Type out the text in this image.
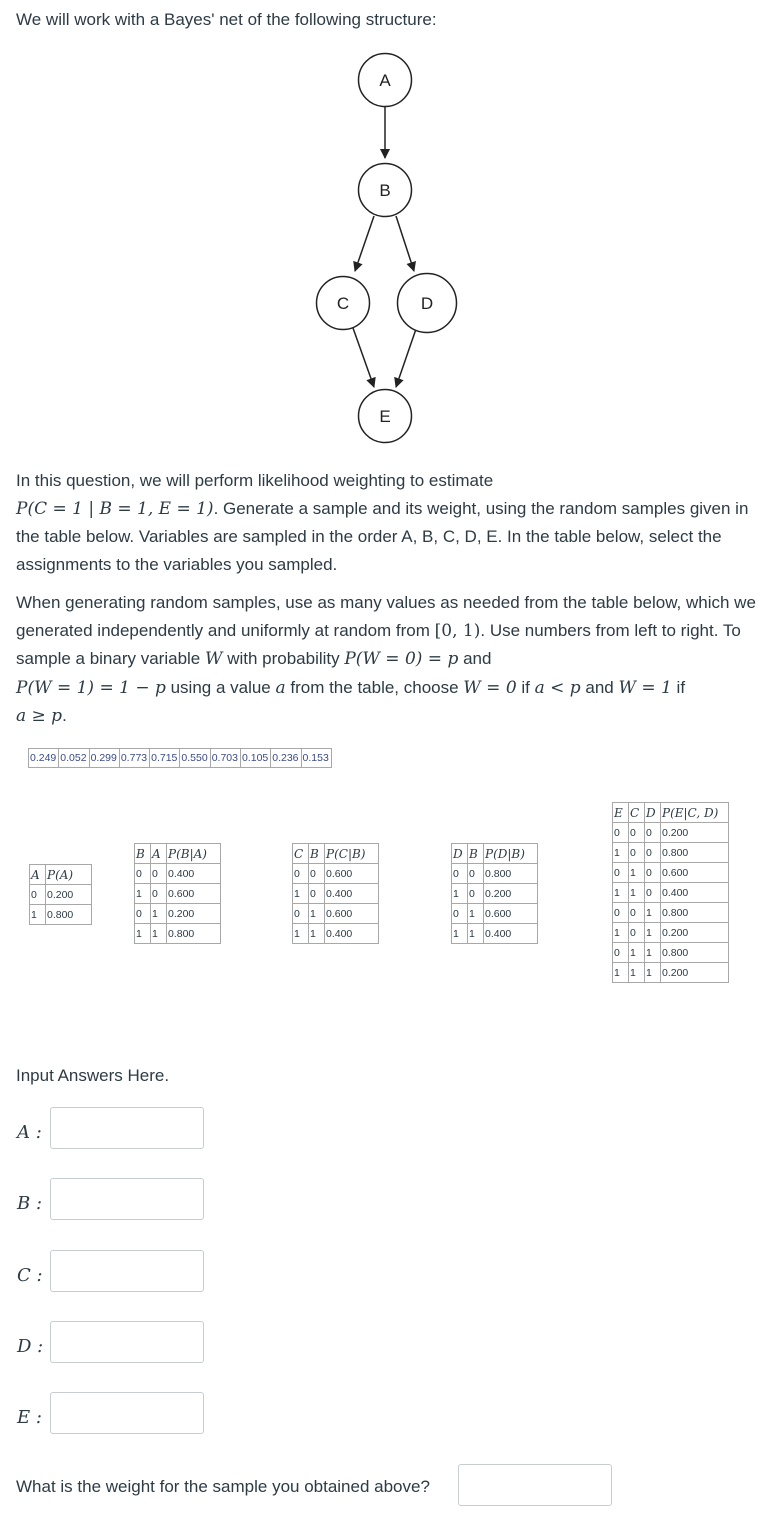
We will work with a Bayes' net of the following structure:
A
B
C	D
E
In this question, we will perform likelihood weighting to estimate
P(C = 1 | B = 1, E = 1). Generate a sample and its weight, using the random samples given in the table below. Variables are sampled in the order A, B, C, D, E. In the table below, select the assignments to the variables you sampled.
When generating random samples, use as many values as needed from the table below, which we generated independently and uniformly at random from [0, 1). Use numbers from left to right. To sample a binary variable W with probability P(W = 0) = p and
P(W = 1) = 1 − p using a value a from the table, choose W = 0 if a < p and W = 1 if
a ≥ p.
0.249	0.052	0.299	0.773	0.715	0.550	0.703	0.105	0.236	0.153
A	P(A)
0	0.200
1	0.800
B	A	P(B|A)
0	0	0.400
1	0	0.600
0	1	0.200
1	1	0.800
C	B	P(C|B)
0	0	0.600
1	0	0.400
0	1	0.600
1	1	0.400
D	B	P(D|B)
0	0	0.800
1	0	0.200
0	1	0.600
1	1	0.400
E	C	D	P(E|C, D)
0	0	0	0.200
1	0	0	0.800
0	1	0	0.600
1	1	0	0.400
0	0	1	0.800
1	0	1	0.200
0	1	1	0.800
1	1	1	0.200
Input Answers Here.
A :
B :
C :
D :
E :
What is the weight for the sample you obtained above?
